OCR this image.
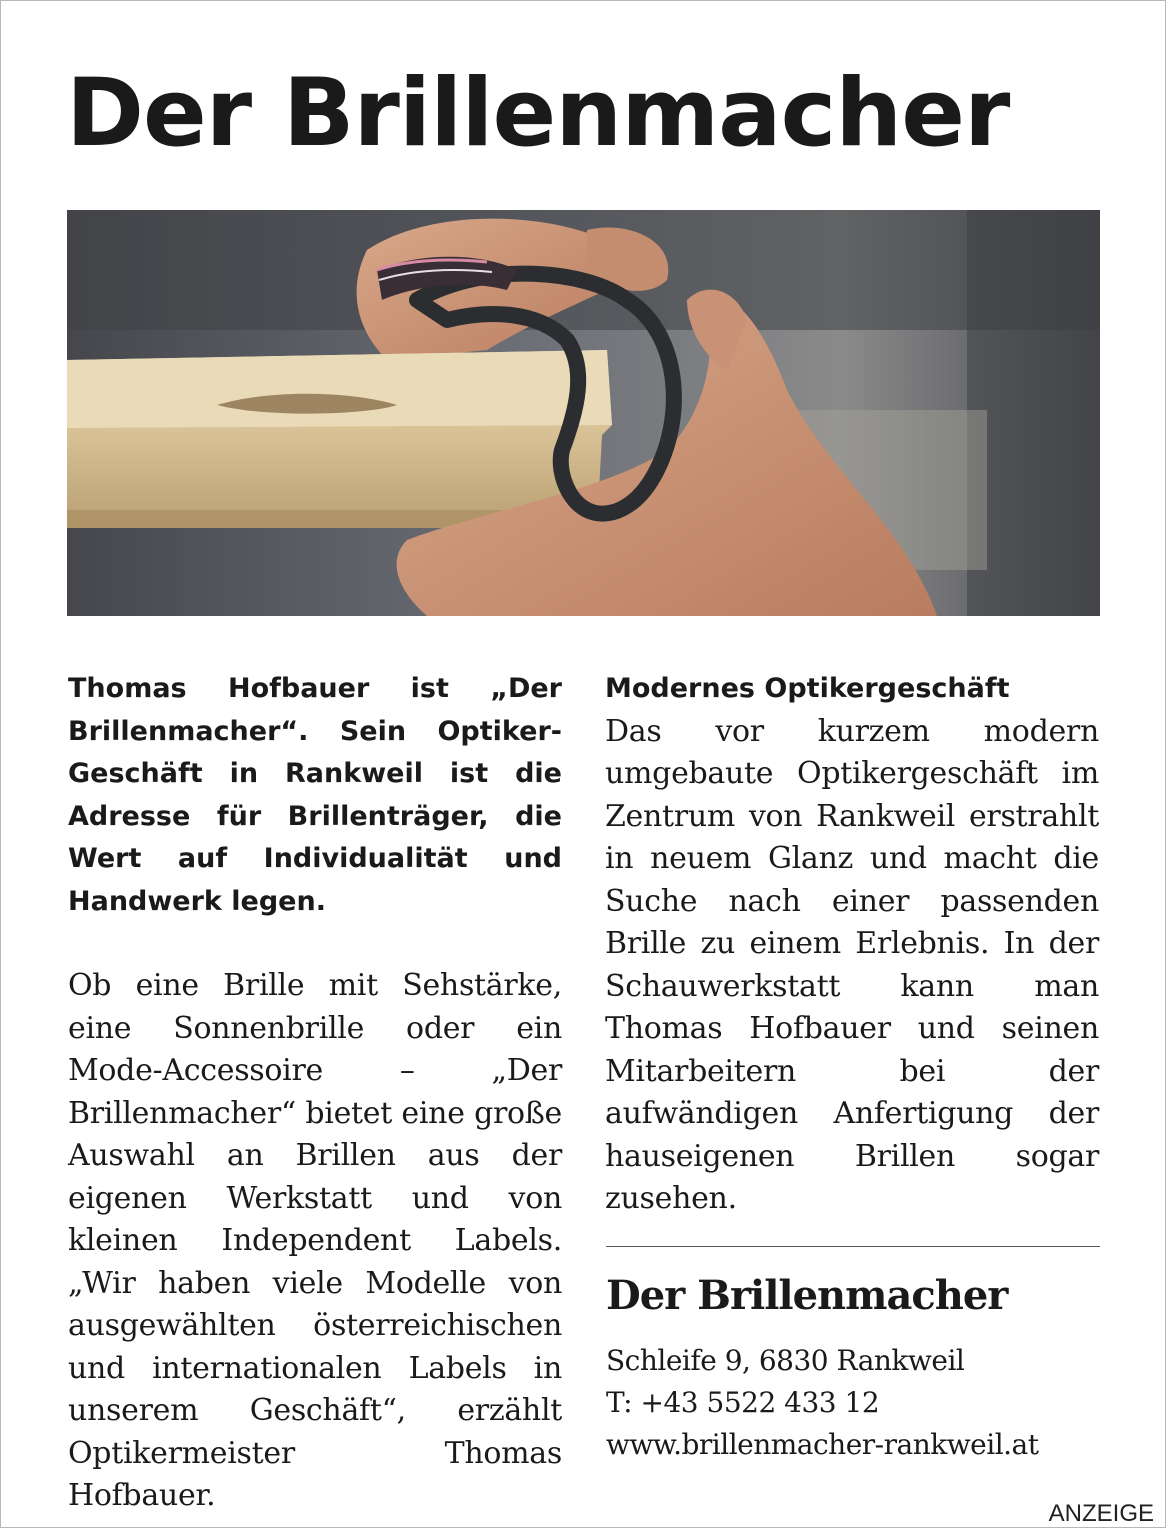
Der Brillenmacher

Thomas Hofbauer ist „Der Brillenmacher“. Sein Optiker-Geschäft in Rankweil ist die Adresse für Brillenträger, die Wert auf Individualität und Handwerk legen.

Ob eine Brille mit Sehstärke, eine Sonnenbrille oder ein Mode-Accessoire – „Der Brillenmacher“ bietet eine große Auswahl an Brillen aus der eigenen Werkstatt und von kleinen Independent Labels. „Wir haben viele Modelle von ausgewählten österreichischen und internationalen Labels in unserem Geschäft“, erzählt Optikermeister Thomas Hofbauer.

Modernes Optikergeschäft

Das vor kurzem modern umgebaute Optikergeschäft im Zentrum von Rankweil erstrahlt in neuem Glanz und macht die Suche nach einer passenden Brille zu einem Erlebnis. In der Schauwerkstatt kann man Thomas Hofbauer und seinen Mitarbeitern bei der aufwändigen Anfertigung der hauseigenen Brillen sogar zusehen.

Der Brillenmacher
Schleife 9, 6830 Rankweil
T: +43 5522 433 12
www.brillenmacher-rankweil.at
ANZEIGE
